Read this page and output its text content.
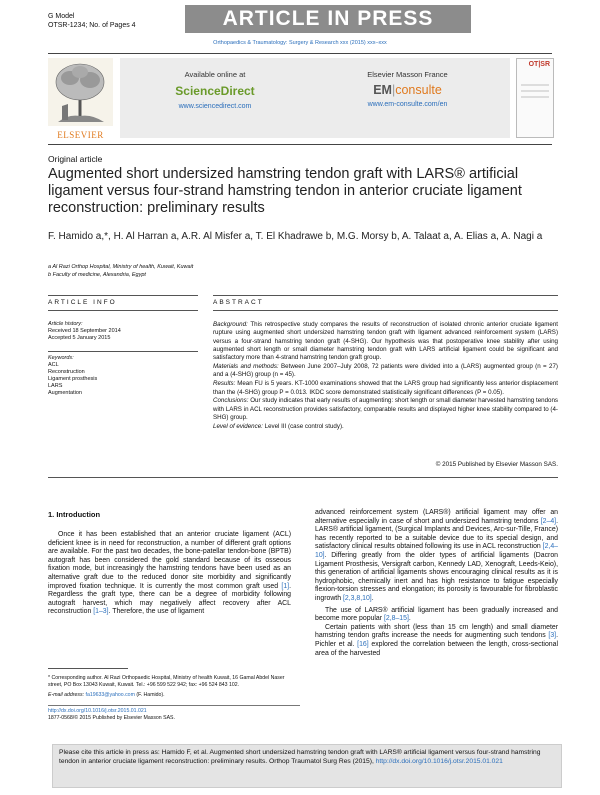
G Model
OTSR-1234; No. of Pages 4	ARTICLE IN PRESS
Orthopaedics & Traumatology: Surgery & Research xxx (2015) xxx–xxx
ELSEVIER
Available online at
ScienceDirect
www.sciencedirect.com
Elsevier Masson France
EM|consulte
www.em-consulte.com/en
OT|SR
Original article
Augmented short undersized hamstring tendon graft with LARS® artificial ligament versus four-strand hamstring tendon in anterior cruciate ligament reconstruction: preliminary results
F. Hamido a,*, H. Al Harran a, A.R. Al Misfer a, T. El Khadrawe b, M.G. Morsy b, A. Talaat a, A. Elias a, A. Nagi a
a Al Razi Orthop Hospital, Ministry of health, Kuwait, Kuwait
b Faculty of medicine, Alexandria, Egypt
ARTICLE INFO
Article history:
Received 18 September 2014
Accepted 5 January 2015
Keywords:
ACL
Reconstruction
Ligament prosthesis
LARS
Augmentation
ABSTRACT

Background: This retrospective study compares the results of reconstruction of isolated chronic anterior cruciate ligament rupture using augmented short undersized hamstring tendon graft with ligament advanced reinforcement system (LARS) versus a four-strand hamstring tendon graft (4-SHG). Our hypothesis was that postoperative knee stability after using augmented short length or small diameter hamstring tendon graft with LARS artificial ligament could be significant and satisfactory more than 4-strand hamstring tendon graft group.

Materials and methods: Between June 2007–July 2008, 72 patients were divided into a (LARS) augmented group (n = 27) and a (4-SHG) group (n = 45).

Results: Mean FU is 5 years. KT-1000 examinations showed that the LARS group had significantly less anterior displacement than the (4-SHG) group P = 0.013. IKDC score demonstrated statistically significant differences (P = 0.05).

Conclusions: Our study indicates that early results of augmenting: short length or small diameter harvested hamstring tendons with LARS in ACL reconstruction provides satisfactory, comparable results and displayed higher knee stability compared to (4-SHG) group.

Level of evidence: Level III (case control study).

© 2015 Published by Elsevier Masson SAS.
1. Introduction

Once it has been established that an anterior cruciate ligament (ACL) deficient knee is in need for reconstruction, a number of different graft options are available. For the past two decades, the bone-patellar tendon-bone (BPTB) autograft has been considered the gold standard because of its osseous fixation mode, but increasingly the hamstring tendons have been used as an alternative graft due to the reduced donor site morbidity and significantly improved fixation technique. It is currently the most common graft used [1]. Regardless the graft type, there can be a degree of morbidity following autograft harvest, which may negatively affect recovery after ACL reconstruction [1–3]. Therefore, the use of ligament

advanced reinforcement system (LARS®) artificial ligament may offer an alternative especially in case of short and undersized hamstring tendons [2–4]. LARS® artificial ligament, (Surgical Implants and Devices, Arc-sur-Tille, France) has recently reported to be a suitable device due to its special design, and satisfactory clinical results obtained following its use in ACL reconstruction [2,4–10]. Differing greatly from the older types of artificial ligaments (Dacron Ligament Prosthesis, Versigraft carbon, Kennedy LAD, Xenograft, Leeds-Keio), this generation of artificial ligaments shows encouraging clinical results as it is hydrophobic, chemically inert and has high resistance to fatigue especially flexion-torsion stresses and elongation; its porosity is favourable for fibroblastic ingrowth [2,3,8,10].

The use of LARS® artificial ligament has been gradually increased and become more popular [2,8–15].

Certain patients with short (less than 15 cm length) and small diameter hamstring tendon grafts increase the needs for augmenting such tendons [3]. Pichler et al. [16] explored the correlation between the length, cross-sectional area of the harvested

* Corresponding author. Al Razi Orthopaedic Hospital, Ministry of health Kuwait, 16 Gamal Abdel Naser street, PO Box 13043 Kuwait, Kuwait. Tel.: +96 599 522 942; fax: +96 524 843 102.
E-mail address: fa19633@yahoo.com (F. Hamido).
http://dx.doi.org/10.1016/j.otsr.2015.01.021
1877-0568/© 2015 Published by Elsevier Masson SAS.
Please cite this article in press as: Hamido F, et al. Augmented short undersized hamstring tendon graft with LARS® artificial ligament versus four-strand hamstring tendon in anterior cruciate ligament reconstruction: preliminary results. Orthop Traumatol Surg Res (2015), http://dx.doi.org/10.1016/j.otsr.2015.01.021
